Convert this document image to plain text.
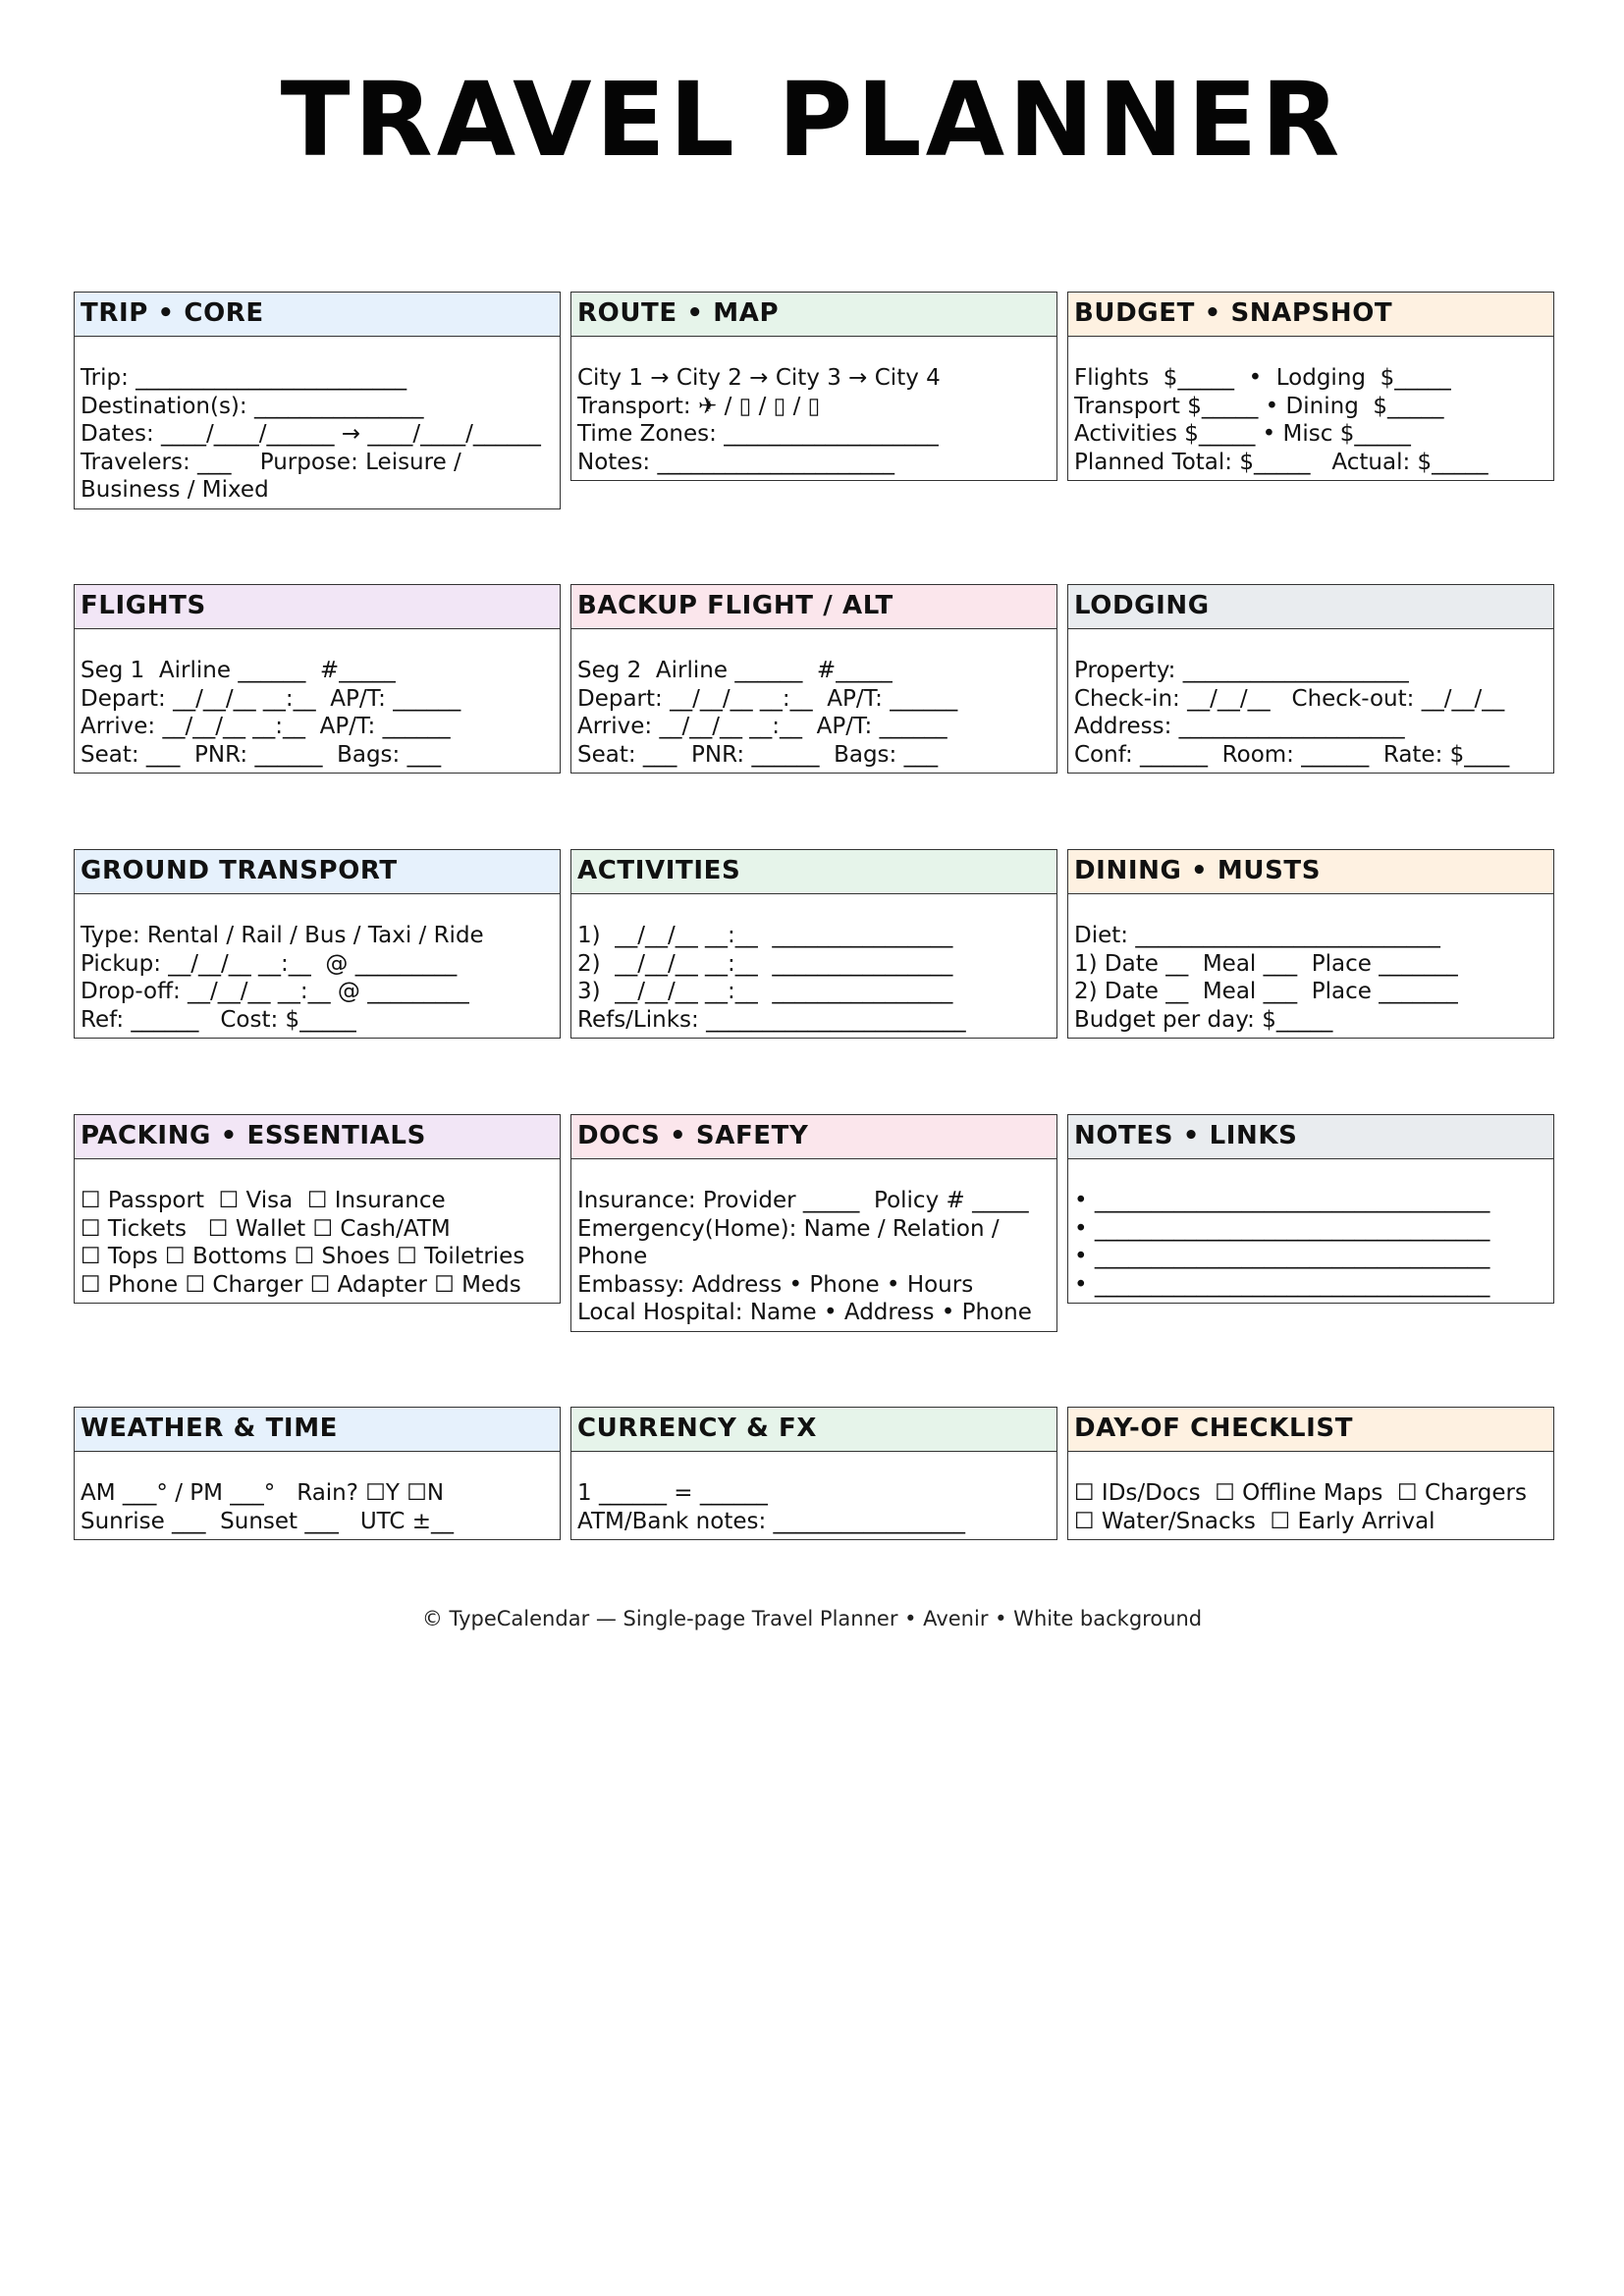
TRAVEL PLANNER
TRIP • CORE
Trip: ________________________
Destination(s): _______________
Dates: ____/____/______ → ____/____/______
Travelers: ___    Purpose: Leisure / Business / Mixed
ROUTE • MAP
City 1 → City 2 → City 3 → City 4
Transport: ✈ / ▯ / ▯ / ▯
Time Zones: ___________________
Notes: _____________________
BUDGET • SNAPSHOT
Flights  $_____  •  Lodging  $_____
Transport $_____ • Dining  $_____
Activities $_____ • Misc $_____
Planned Total: $_____   Actual: $_____
FLIGHTS
Seg 1  Airline ______  #_____
Depart: __/__/__ __:__  AP/T: ______
Arrive: __/__/__ __:__  AP/T: ______
Seat: ___  PNR: ______  Bags: ___
BACKUP FLIGHT / ALT
Seg 2  Airline ______  #_____
Depart: __/__/__ __:__  AP/T: ______
Arrive: __/__/__ __:__  AP/T: ______
Seat: ___  PNR: ______  Bags: ___
LODGING
Property: ____________________
Check-in: __/__/__   Check-out: __/__/__
Address: ____________________
Conf: ______  Room: ______  Rate: $____
GROUND TRANSPORT
Type: Rental / Rail / Bus / Taxi / Ride
Pickup: __/__/__ __:__  @ _________
Drop-off: __/__/__ __:__ @ _________
Ref: ______   Cost: $_____
ACTIVITIES
1)  __/__/__ __:__  ________________
2)  __/__/__ __:__  ________________
3)  __/__/__ __:__  ________________
Refs/Links: _______________________
DINING • MUSTS
Diet: ___________________________
1) Date __  Meal ___  Place _______
2) Date __  Meal ___  Place _______
Budget per day: $_____
PACKING • ESSENTIALS
☐ Passport  ☐ Visa  ☐ Insurance
☐ Tickets   ☐ Wallet ☐ Cash/ATM
☐ Tops ☐ Bottoms ☐ Shoes ☐ Toiletries
☐ Phone ☐ Charger ☐ Adapter ☐ Meds
DOCS • SAFETY
Insurance: Provider _____  Policy # _____
Emergency(Home): Name / Relation / Phone
Embassy: Address • Phone • Hours
Local Hospital: Name • Address • Phone
NOTES • LINKS
• ___________________________________
• ___________________________________
• ___________________________________
• ___________________________________
WEATHER & TIME
AM ___° / PM ___°   Rain? ☐Y ☐N
Sunrise ___  Sunset ___   UTC ±__
CURRENCY & FX
1 ______ = ______
ATM/Bank notes: _________________
DAY-OF CHECKLIST
☐ IDs/Docs  ☐ Offline Maps  ☐ Chargers
☐ Water/Snacks  ☐ Early Arrival
© TypeCalendar — Single-page Travel Planner • Avenir • White background
